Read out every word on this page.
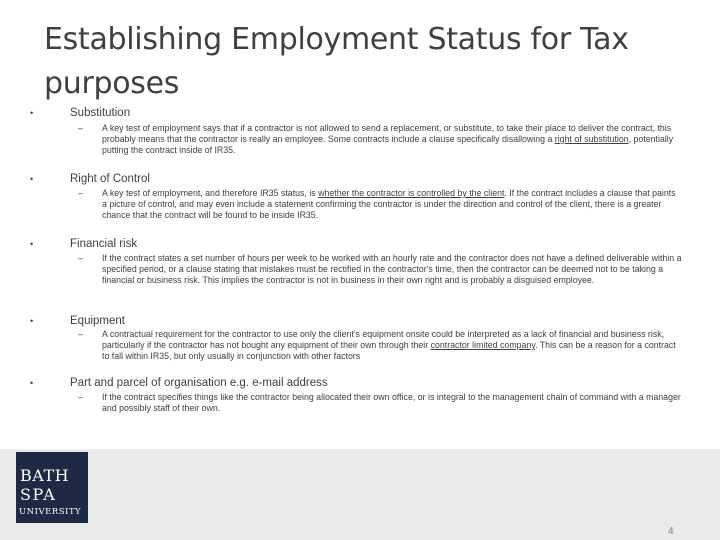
Establishing Employment Status for Tax purposes
•	Substitution
– A key test of employment says that if a contractor is not allowed to send a replacement, or substitute, to take their place to deliver the contract, this probably means that the contractor is really an employee. Some contracts include a clause specifically disallowing a right of substitution, potentially putting the contract inside of IR35.
•	Right of Control
– A key test of employment, and therefore IR35 status, is whether the contractor is controlled by the client. If the contract includes a clause that paints a picture of control, and may even include a statement confirming the contractor is under the direction and control of the client, there is a greater chance that the contract will be found to be inside IR35.
•	Financial risk
– If the contract states a set number of hours per week to be worked with an hourly rate and the contractor does not have a defined deliverable within a specified period, or a clause stating that mistakes must be rectified in the contractor's time, then the contractor can be deemed not to be taking a financial or business risk. This implies the contractor is not in business in their own right and is probably a disguised employee.
•	Equipment
– A contractual requirement for the contractor to use only the client's equipment onsite could be interpreted as a lack of financial and business risk, particularly if the contractor has not bought any equipment of their own through their contractor limited company. This can be a reason for a contract to fall within IR35, but only usually in conjunction with other factors
•	Part and parcel of organisation e.g. e-mail address
– If the contract specifies things like the contractor being allocated their own office, or is integral to the management chain of command with a manager and possibly staff of their own.
BATH
SPA
UNIVERSITY
4
